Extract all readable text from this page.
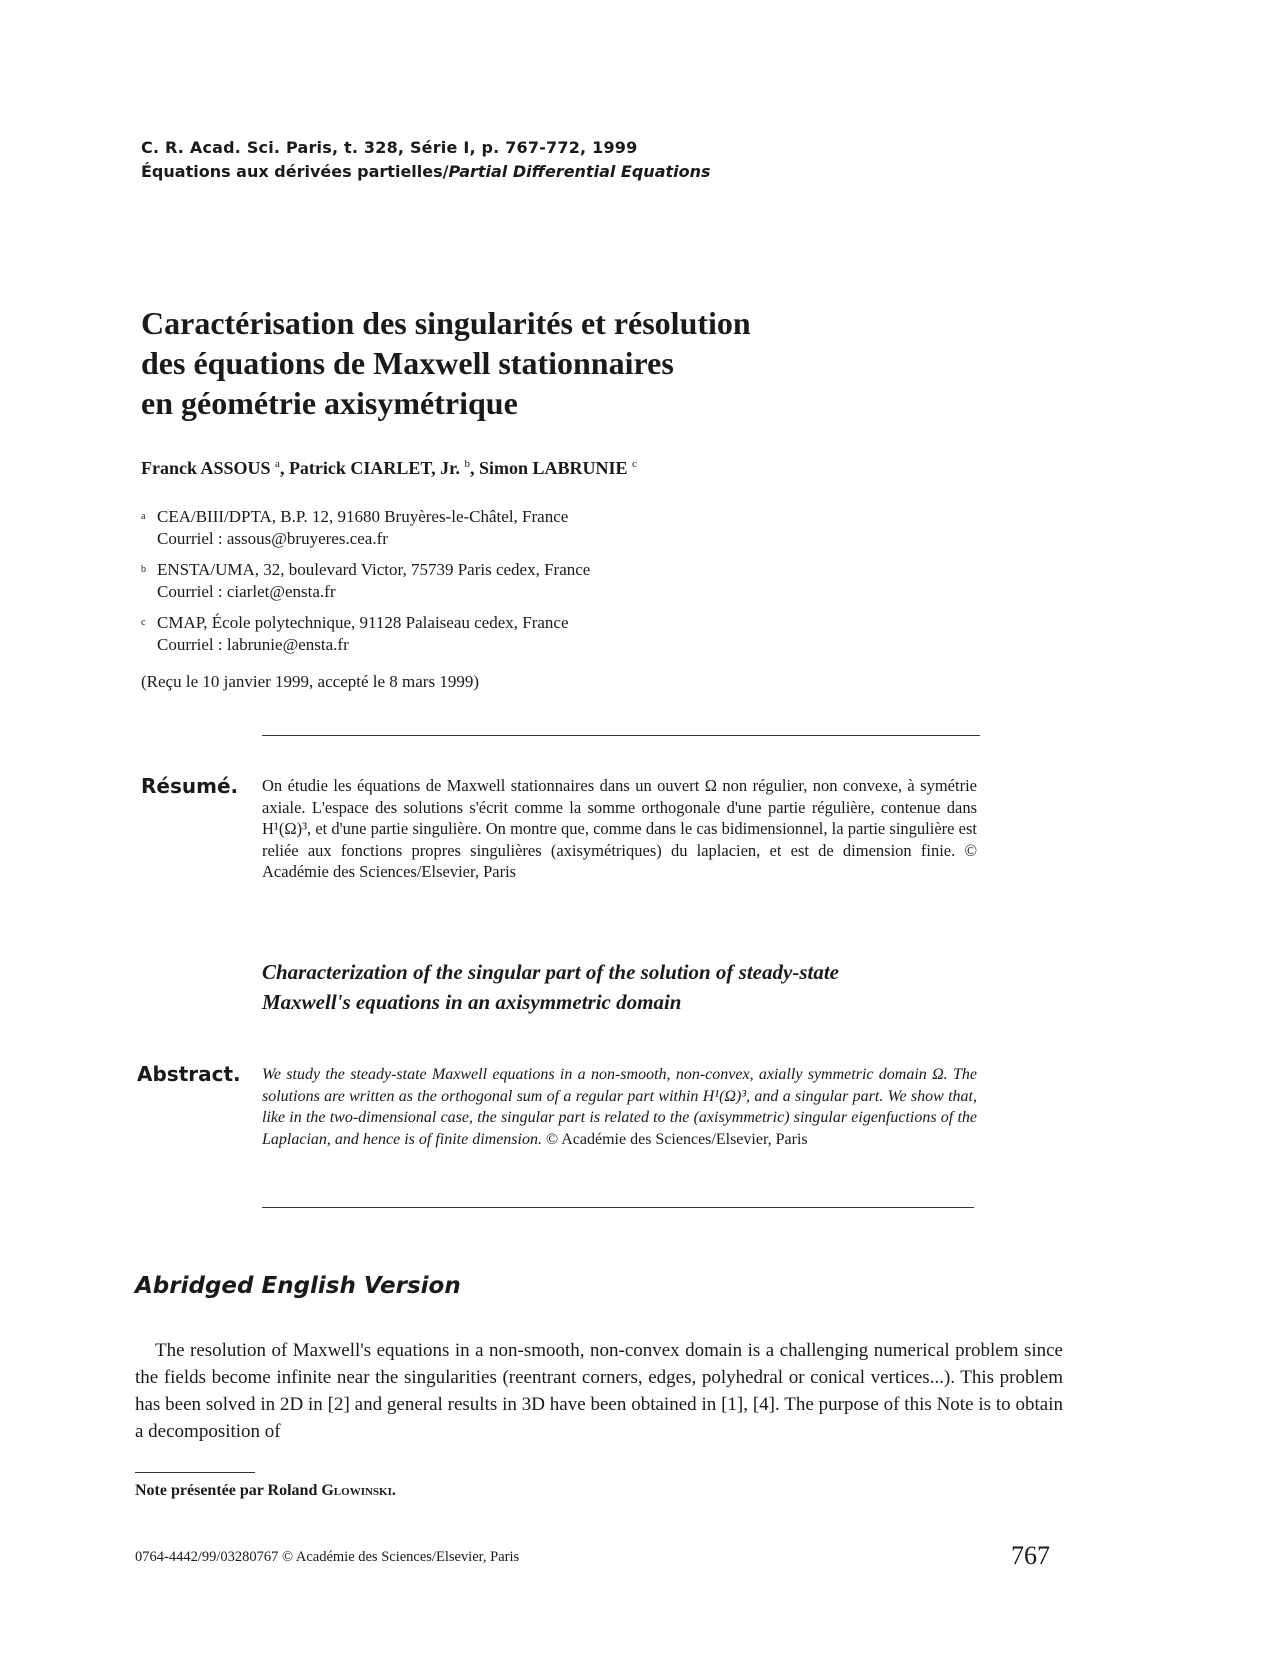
C. R. Acad. Sci. Paris, t. 328, Série I, p. 767-772, 1999
Équations aux dérivées partielles/Partial Differential Equations
Caractérisation des singularités et résolution
des équations de Maxwell stationnaires
en géométrie axisymétrique
Franck ASSOUS $^a$, Patrick CIARLET, Jr. $^b$, Simon LABRUNIE $^c$
a CEA/BIII/DPTA, B.P. 12, 91680 Bruyères-le-Châtel, France
Courriel : assous@bruyeres.cea.fr
b ENSTA/UMA, 32, boulevard Victor, 75739 Paris cedex, France
Courriel : ciarlet@ensta.fr
c CMAP, École polytechnique, 91128 Palaiseau cedex, France
Courriel : labrunie@ensta.fr
(Reçu le 10 janvier 1999, accepté le 8 mars 1999)
Résumé. On étudie les équations de Maxwell stationnaires dans un ouvert Ω non régulier, non convexe, à symétrie axiale. L'espace des solutions s'écrit comme la somme orthogonale d'une partie régulière, contenue dans H¹(Ω)³, et d'une partie singulière. On montre que, comme dans le cas bidimensionnel, la partie singulière est reliée aux fonctions propres singulières (axisymétriques) du laplacien, et est de dimension finie. © Académie des Sciences/Elsevier, Paris
Characterization of the singular part of the solution of steady-state Maxwell's equations in an axisymmetric domain
Abstract. We study the steady-state Maxwell equations in a non-smooth, non-convex, axially symmetric domain Ω. The solutions are written as the orthogonal sum of a regular part within H¹(Ω)³, and a singular part. We show that, like in the two-dimensional case, the singular part is related to the (axisymmetric) singular eigenfuctions of the Laplacian, and hence is of finite dimension. © Académie des Sciences/Elsevier, Paris
Abridged English Version
The resolution of Maxwell's equations in a non-smooth, non-convex domain is a challenging numerical problem since the fields become infinite near the singularities (reentrant corners, edges, polyhedral or conical vertices...). This problem has been solved in 2D in [2] and general results in 3D have been obtained in [1], [4]. The purpose of this Note is to obtain a decomposition of
Note présentée par Roland Glowinski.
0764-4442/99/03280767 © Académie des Sciences/Elsevier, Paris	767
